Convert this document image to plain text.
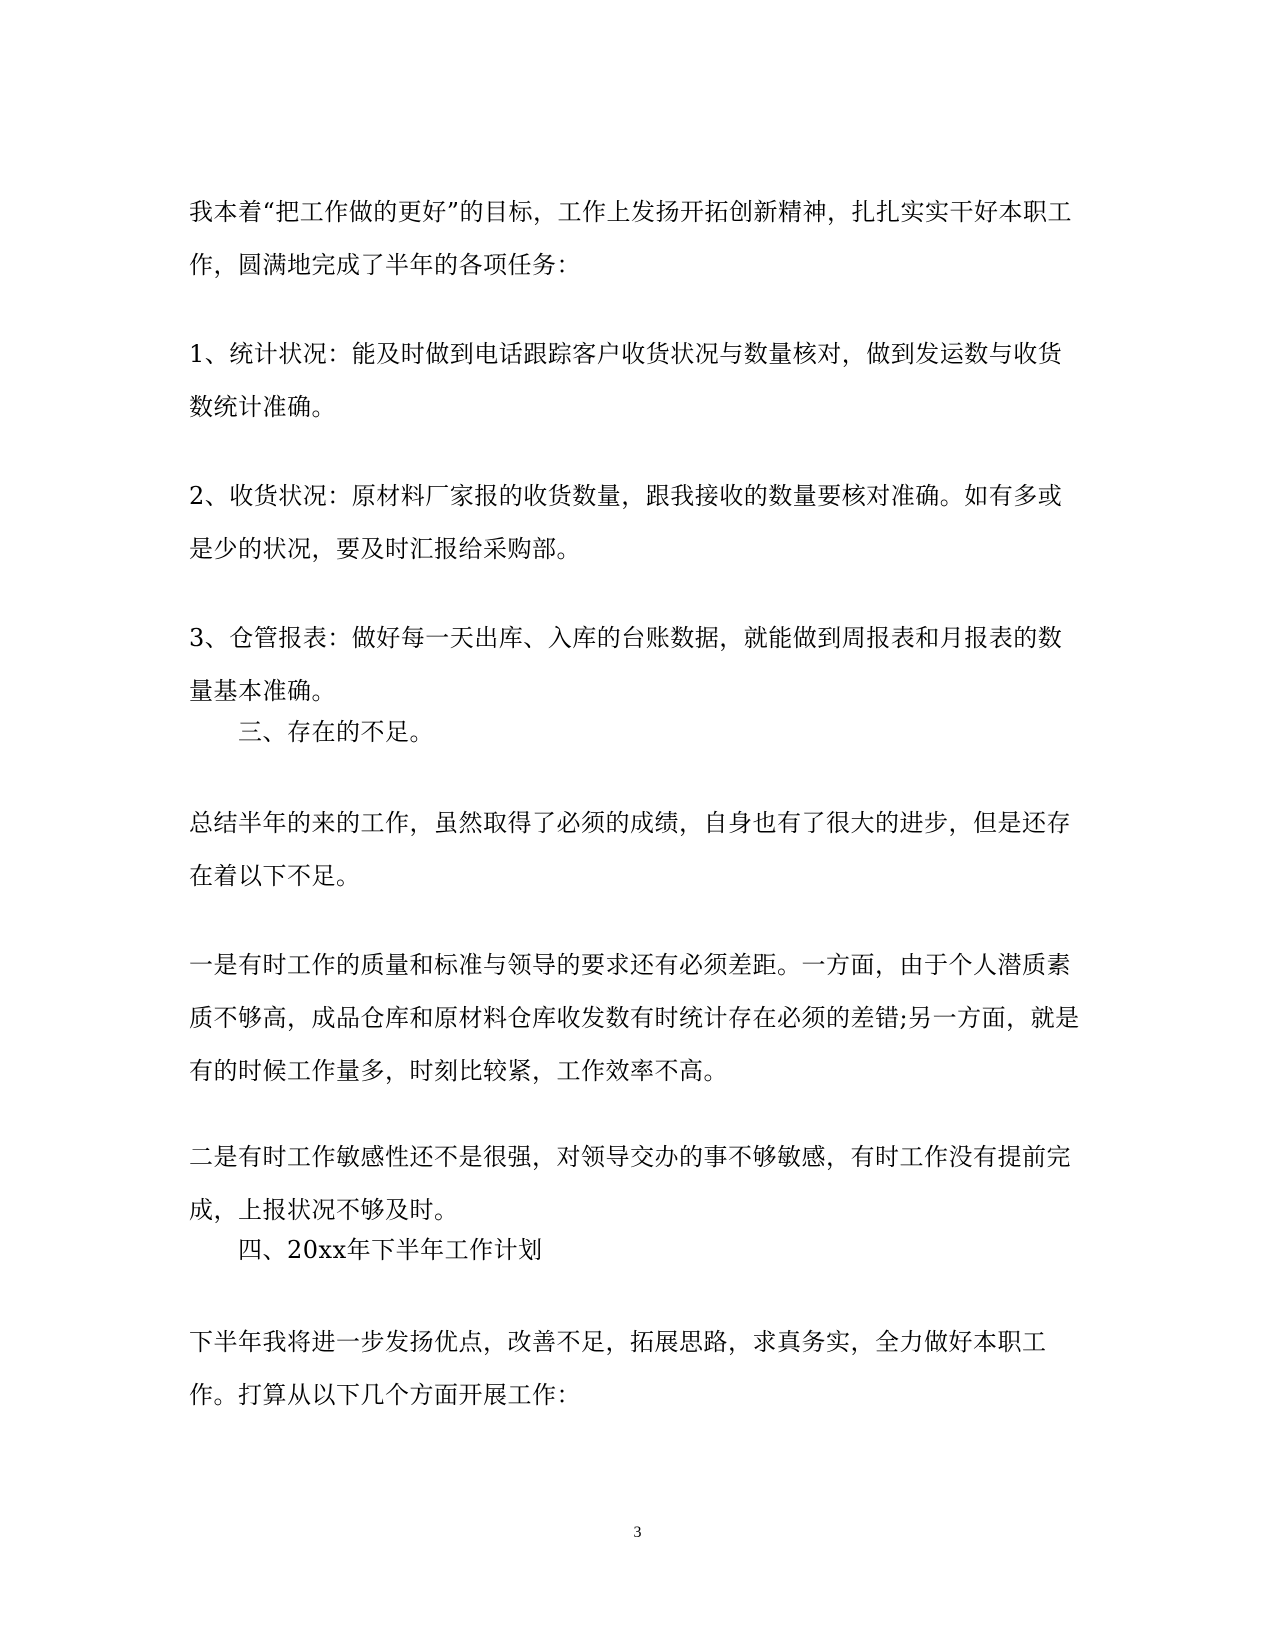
我本着“把工作做的更好”的目标，工作上发扬开拓创新精神，扎扎实实干好本职工作，圆满地完成了半年的各项任务：

1、统计状况：能及时做到电话跟踪客户收货状况与数量核对，做到发运数与收货数统计准确。

2、收货状况：原材料厂家报的收货数量，跟我接收的数量要核对准确。如有多或是少的状况，要及时汇报给采购部。

3、仓管报表：做好每一天出库、入库的台账数据，就能做到周报表和月报表的数量基本准确。

三、存在的不足。

总结半年的来的工作，虽然取得了必须的成绩，自身也有了很大的进步，但是还存在着以下不足。

一是有时工作的质量和标准与领导的要求还有必须差距。一方面，由于个人潜质素质不够高，成品仓库和原材料仓库收发数有时统计存在必须的差错;另一方面，就是有的时候工作量多，时刻比较紧，工作效率不高。

二是有时工作敏感性还不是很强，对领导交办的事不够敏感，有时工作没有提前完成，上报状况不够及时。

四、20xx年下半年工作计划

下半年我将进一步发扬优点，改善不足，拓展思路，求真务实，全力做好本职工作。打算从以下几个方面开展工作：

3
